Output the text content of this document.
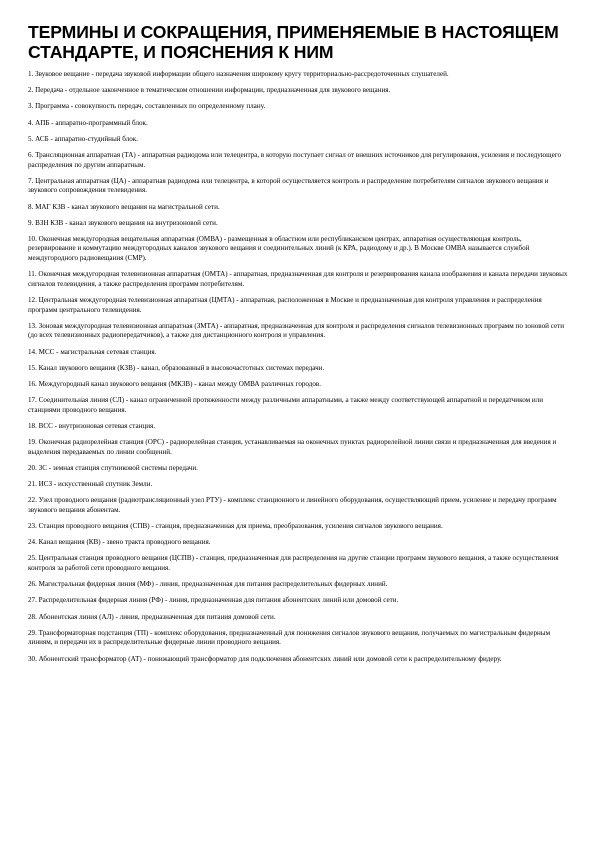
ТЕРМИНЫ И СОКРАЩЕНИЯ, ПРИМЕНЯЕМЫЕ В НАСТОЯЩЕМ СТАНДАРТЕ, И ПОЯСНЕНИЯ К НИМ
1. Звуковое вещание - передача звуковой информации общего назначения широкому кругу территориально-рассредоточенных слушателей.
2. Передача - отдельное законченное в тематическом отношении информации, предназначенная для звукового вещания.
3. Программа - совокупность передач, составленных по определенному плану.
4. АПБ - аппаратно-программный блок.
5. АСБ - аппаратно-студийный блок.
6. Трансляционная аппаратная (ТА) - аппаратная радиодома или телецентра, в которую поступает сигнал от внешних источников для регулирования, усиления и последующего распределения по другим аппаратным.
7. Центральная аппаратная (ЦА) - аппаратная радиодома или телецентра, в которой осуществляется контроль и распределение потребителям сигналов звукового вещания и звукового сопровождения телевидения.
8. МАГ КЗВ - канал звукового вещания на магистральной сети.
9. ВЗН КЗВ - канал звукового вещания на внутризоновой сети.
10. Оконечная междугородная вещательная аппаратная (ОМВА) - размещенная в областном или республиканском центрах, аппаратная осуществляющая контроль, резервирование и коммутацию междугородных каналов звукового вещания и соединительных линий (к КРА, радиодому и др.). В Москве ОМВА называется службой междугородного радиовещания (СМР).
11. Оконечная междугородная телевизионная аппаратная (ОМТА) - аппаратная, предназначенная для контроля и резервирования канала изображения и канала передачи звуковых сигналов телевидения, а также распределения программ потребителям.
12. Центральная междугородная телевизионная аппаратная (ЦМТА) - аппаратная, расположенная в Москве и предназначенная для контроля управления и распределения программ центрального телевидения.
13. Зоновая междугородная телевизионная аппаратная (ЗМТА) - аппаратная, предназначенная для контроля и распределения сигналов телевизионных программ по зоновой сети (до всех телевизионных радиопередатчиков), а также для дистанционного контроля и управления.
14. МСС - магистральная сетевая станция.
15. Канал звукового вещания (КЗВ) - канал, образованный в высокочастотных системах передачи.
16. Междугородный канал звукового вещания (МКЗВ) - канал между ОМВА различных городов.
17. Соединительная линия (СЛ) - канал ограниченной протяженности между различными аппаратными, а также между соответствующей аппаратной и передатчиком или станциями проводного вещания.
18. ВСС - внутризоновая сетевая станция.
19. Оконечная радиорелейная станция (ОРС) - радиорелейная станция, устанавливаемая на оконечных пунктах радиорелейной линии связи и предназначенная для введения и выделения передаваемых по линии сообщений.
20. ЗС - земная станция спутниковой системы передачи.
21. ИСЗ - искусственный спутник Земли.
22. Узел проводного вещания (радиотрансляционный узел РТУ) - комплекс станционного и линейного оборудования, осуществляющий прием, усиление и передачу программ звукового вещания абонентам.
23. Станция проводного вещания (СПВ) - станция, предназначенная для приема, преобразования, усиления сигналов звукового вещания.
24. Канал вещания (КВ) - звено тракта проводного вещания.
25. Центральная станция проводного вещания (ЦСПВ) - станция, предназначенная для распределения на другие станции программ звукового вещания, а также осуществления контроля за работой сети проводного вещания.
26. Магистральная фидерная линия (МФ) - линия, предназначенная для питания распределительных фидерных линий.
27. Распределительная фидерная линия (РФ) - линия, предназначенная для питания абонентских линий или домовой сети.
28. Абонентская линия (АЛ) - линия, предназначенная для питания домовой сети.
29. Трансформаторная подстанция (ТП) - комплекс оборудования, предназначенный для понижения сигналов звукового вещания, получаемых по магистральным фидерным линиям, и передачи их в распределительные фидерные линии проводного вещания.
30. Абонентский трансформатор (АТ) - понижающий трансформатор для подключения абонентских линий или домовой сети к распределительному фидеру.
